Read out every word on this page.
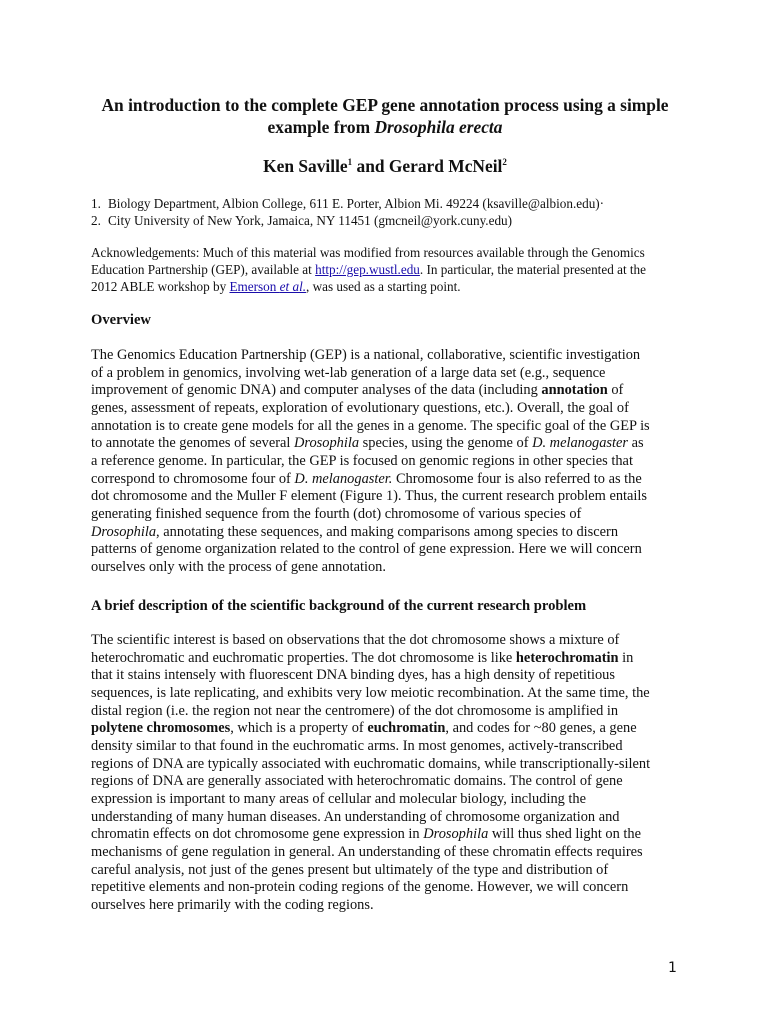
An introduction to the complete GEP gene annotation process using a simple
example from Drosophila erecta
Ken Saville$^1$ and Gerard McNeil$^2$
1. Biology Department, Albion College, 611 E. Porter, Albion Mi. 49224 (ksaville@albion.edu)·
2. City University of New York, Jamaica, NY 11451 (gmcneil@york.cuny.edu)
Acknowledgements: Much of this material was modified from resources available through the Genomics
Education Partnership (GEP), available at http://gep.wustl.edu. In particular, the material presented at the
2012 ABLE workshop by Emerson et al., was used as a starting point.
Overview
The Genomics Education Partnership (GEP) is a national, collaborative, scientific investigation
of a problem in genomics, involving wet-lab generation of a large data set (e.g., sequence
improvement of genomic DNA) and computer analyses of the data (including annotation of
genes, assessment of repeats, exploration of evolutionary questions, etc.). Overall, the goal of
annotation is to create gene models for all the genes in a genome. The specific goal of the GEP is
to annotate the genomes of several Drosophila species, using the genome of D. melanogaster as
a reference genome. In particular, the GEP is focused on genomic regions in other species that
correspond to chromosome four of D. melanogaster. Chromosome four is also referred to as the
dot chromosome and the Muller F element (Figure 1). Thus, the current research problem entails
generating finished sequence from the fourth (dot) chromosome of various species of
Drosophila, annotating these sequences, and making comparisons among species to discern
patterns of genome organization related to the control of gene expression. Here we will concern
ourselves only with the process of gene annotation.
A brief description of the scientific background of the current research problem
The scientific interest is based on observations that the dot chromosome shows a mixture of
heterochromatic and euchromatic properties. The dot chromosome is like heterochromatin in
that it stains intensely with fluorescent DNA binding dyes, has a high density of repetitious
sequences, is late replicating, and exhibits very low meiotic recombination. At the same time, the
distal region (i.e. the region not near the centromere) of the dot chromosome is amplified in
polytene chromosomes, which is a property of euchromatin, and codes for ~80 genes, a gene
density similar to that found in the euchromatic arms. In most genomes, actively-transcribed
regions of DNA are typically associated with euchromatic domains, while transcriptionally-silent
regions of DNA are generally associated with heterochromatic domains. The control of gene
expression is important to many areas of cellular and molecular biology, including the
understanding of many human diseases. An understanding of chromosome organization and
chromatin effects on dot chromosome gene expression in Drosophila will thus shed light on the
mechanisms of gene regulation in general. An understanding of these chromatin effects requires
careful analysis, not just of the genes present but ultimately of the type and distribution of
repetitive elements and non-protein coding regions of the genome. However, we will concern
ourselves here primarily with the coding regions.
1
